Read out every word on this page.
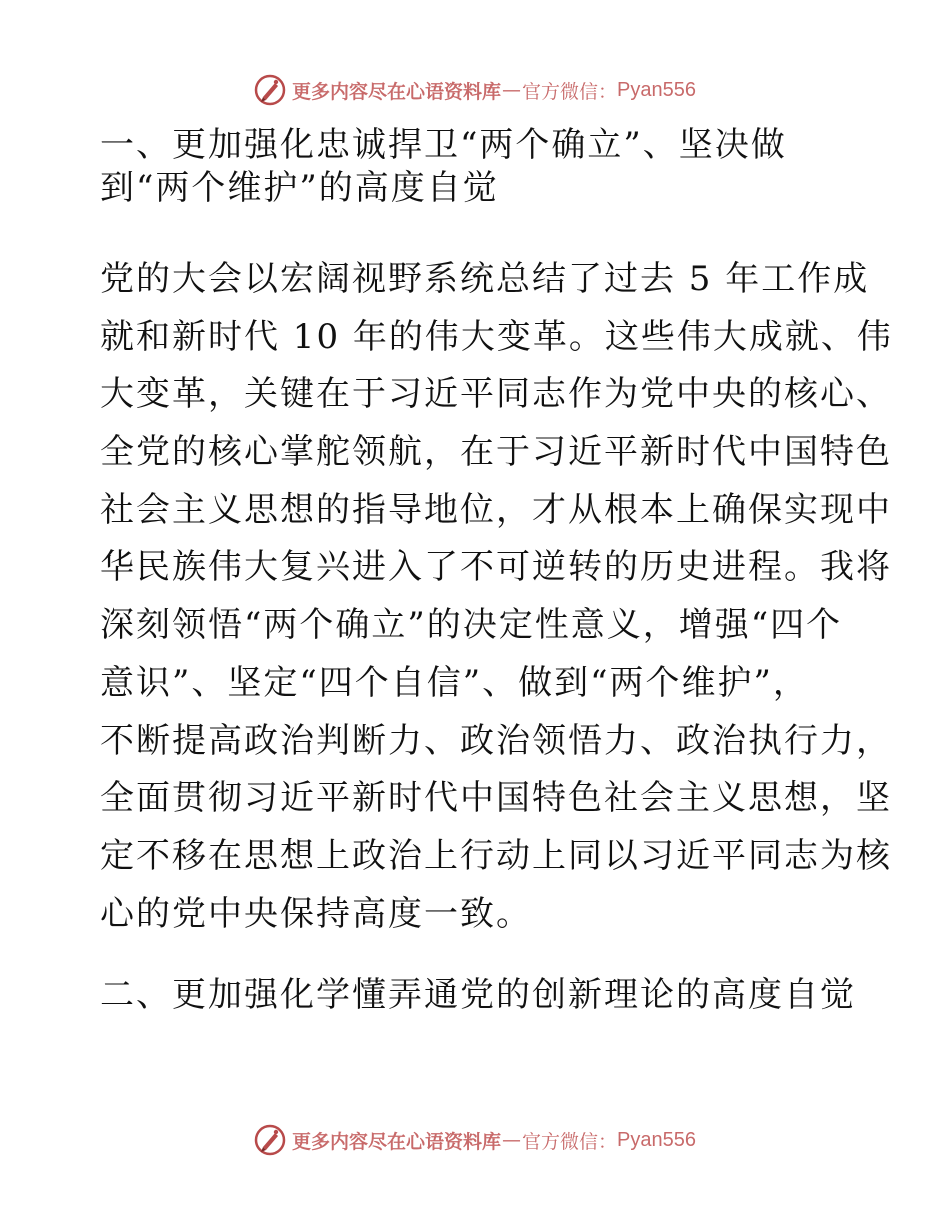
更多内容尽在心语资料库 — 官方微信： Pyan556
一、更加强化忠诚捍卫“两个确立”、坚决做
到“两个维护”的高度自觉
党的大会以宏阔视野系统总结了过去 5 年工作成
就和新时代 10 年的伟大变革。这些伟大成就、伟
大变革，关键在于习近平同志作为党中央的核心、
全党的核心掌舵领航，在于习近平新时代中国特色
社会主义思想的指导地位，才从根本上确保实现中
华民族伟大复兴进入了不可逆转的历史进程。我将
深刻领悟“两个确立”的决定性意义，增强“四个
意识”、坚定“四个自信”、做到“两个维护”，
不断提高政治判断力、政治领悟力、政治执行力，
全面贯彻习近平新时代中国特色社会主义思想，坚
定不移在思想上政治上行动上同以习近平同志为核
心的党中央保持高度一致。
二、更加强化学懂弄通党的创新理论的高度自觉
更多内容尽在心语资料库 — 官方微信： Pyan556
